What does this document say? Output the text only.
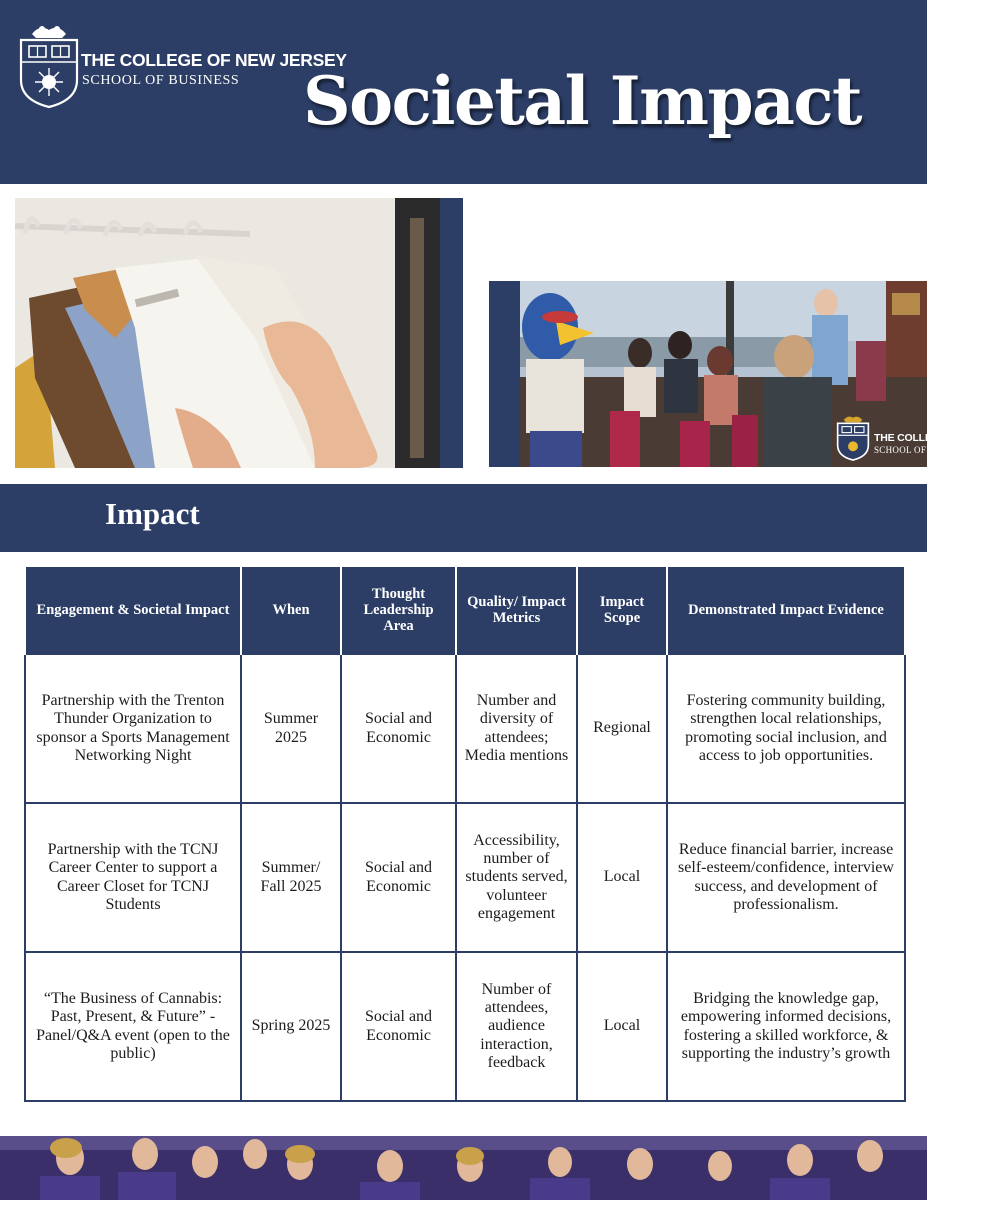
THE COLLEGE OF NEW JERSEY
SCHOOL OF BUSINESS Societal Impact
THE COLLEGE OF NEW
SCHOOL OF BUSIN
Impact
Engagement & Societal Impact	When	Thought Leadership Area	Quality/ Impact Metrics	Impact Scope	Demonstrated Impact Evidence
Partnership with the Trenton Thunder Organization to sponsor a Sports Management Networking Night	Summer 2025	Social and Economic	Number and diversity of attendees; Media mentions	Regional	Fostering community building, strengthen local relationships, promoting social inclusion, and access to job opportunities.
Partnership with the TCNJ Career Center to support a Career Closet for TCNJ Students	Summer/ Fall 2025	Social and Economic	Accessibility, number of students served, volunteer engagement	Local	Reduce financial barrier, increase self-esteem/confidence, interview success, and development of professionalism.
“The Business of Cannabis: Past, Present, & Future” - Panel/Q&A event (open to the public)	Spring 2025	Social and Economic	Number of attendees, audience interaction, feedback	Local	Bridging the knowledge gap, empowering informed decisions, fostering a skilled workforce, & supporting the industry’s growth
